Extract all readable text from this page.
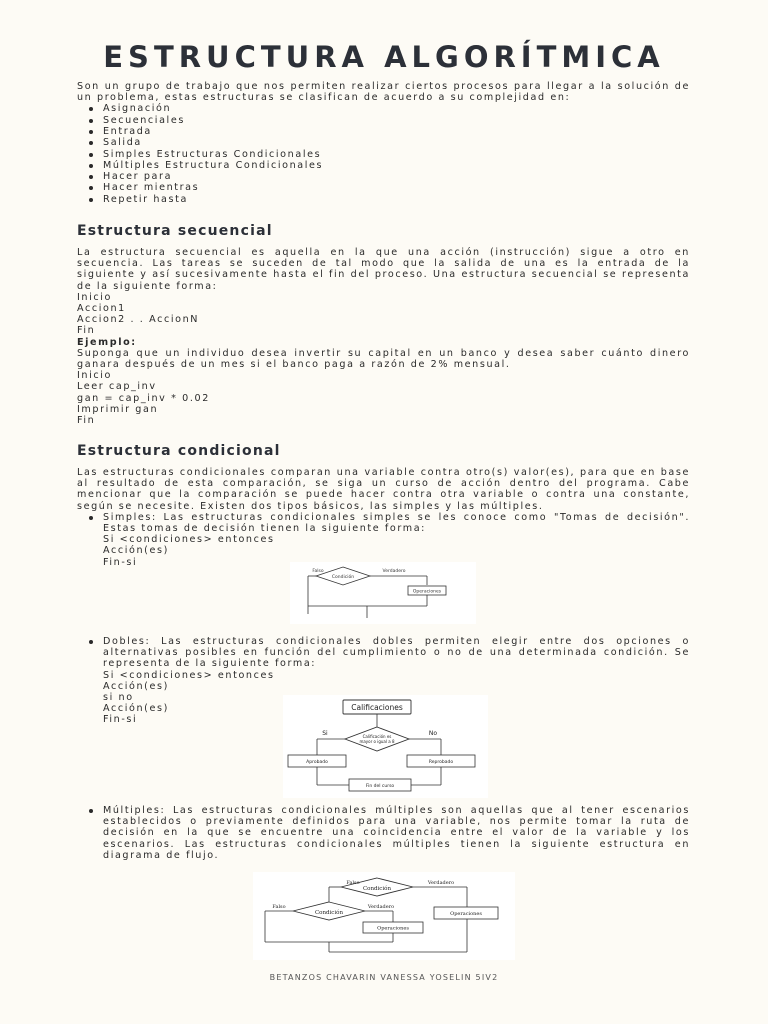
ESTRUCTURA ALGORÍTMICA

Son un grupo de trabajo que nos permiten realizar ciertos procesos para llegar a la solución de un problema, estas estructuras se clasifican de acuerdo a su complejidad en:

Asignación
Secuenciales
Entrada
Salida
Simples Estructuras Condicionales
Múltiples Estructura Condicionales
Hacer para
Hacer mientras
Repetir hasta
Estructura secuencial

La estructura secuencial es aquella en la que una acción (instrucción) sigue a otro en secuencia. Las tareas se suceden de tal modo que la salida de una es la entrada de la siguiente y así sucesivamente hasta el fin del proceso. Una estructura secuencial se representa de la siguiente forma:

Inicio
Accion1
Accion2 . . AccionN
Fin
Ejemplo:

Suponga que un individuo desea invertir su capital en un banco y desea saber cuánto dinero ganara después de un mes si el banco paga a razón de 2% mensual.

Inicio
Leer cap_inv
gan = cap_inv * 0.02
Imprimir gan
Fin
Estructura condicional

Las estructuras condicionales comparan una variable contra otro(s) valor(es), para que en base al resultado de esta comparación, se siga un curso de acción dentro del programa. Cabe mencionar que la comparación se puede hacer contra otra variable o contra una constante, según se necesite. Existen dos tipos básicos, las simples y las múltiples.

Simples: Las estructuras condicionales simples se les conoce como "Tomas de decisión". Estas tomas de decisión tienen la siguiente forma:

Si <condiciones> entonces
Acción(es)
Fin-si
Condición
Falso	Verdadero
Operaciones

Dobles: Las estructuras condicionales dobles permiten elegir entre dos opciones o alternativas posibles en función del cumplimiento o no de una determinada condición. Se representa de la siguiente forma:

Si <condiciones> entonces
Acción(es)
si no
Acción(es)
Fin-si
Calificaciones
Calificación es
mayor o igual a 8
Si	No
Aprobado	Reprobado
Fin del curso

Múltiples: Las estructuras condicionales múltiples son aquellas que al tener escenarios establecidos o previamente definidos para una variable, nos permite tomar la ruta de decisión en la que se encuentre una coincidencia entre el valor de la variable y los escenarios. Las estructuras condicionales múltiples tienen la siguiente estructura en diagrama de flujo.

Condición
Falso	Verdadero
Operaciones
Condición
Falso	Verdadero
Operaciones
BETANZOS CHAVARIN VANESSA YOSELIN 5IV2
